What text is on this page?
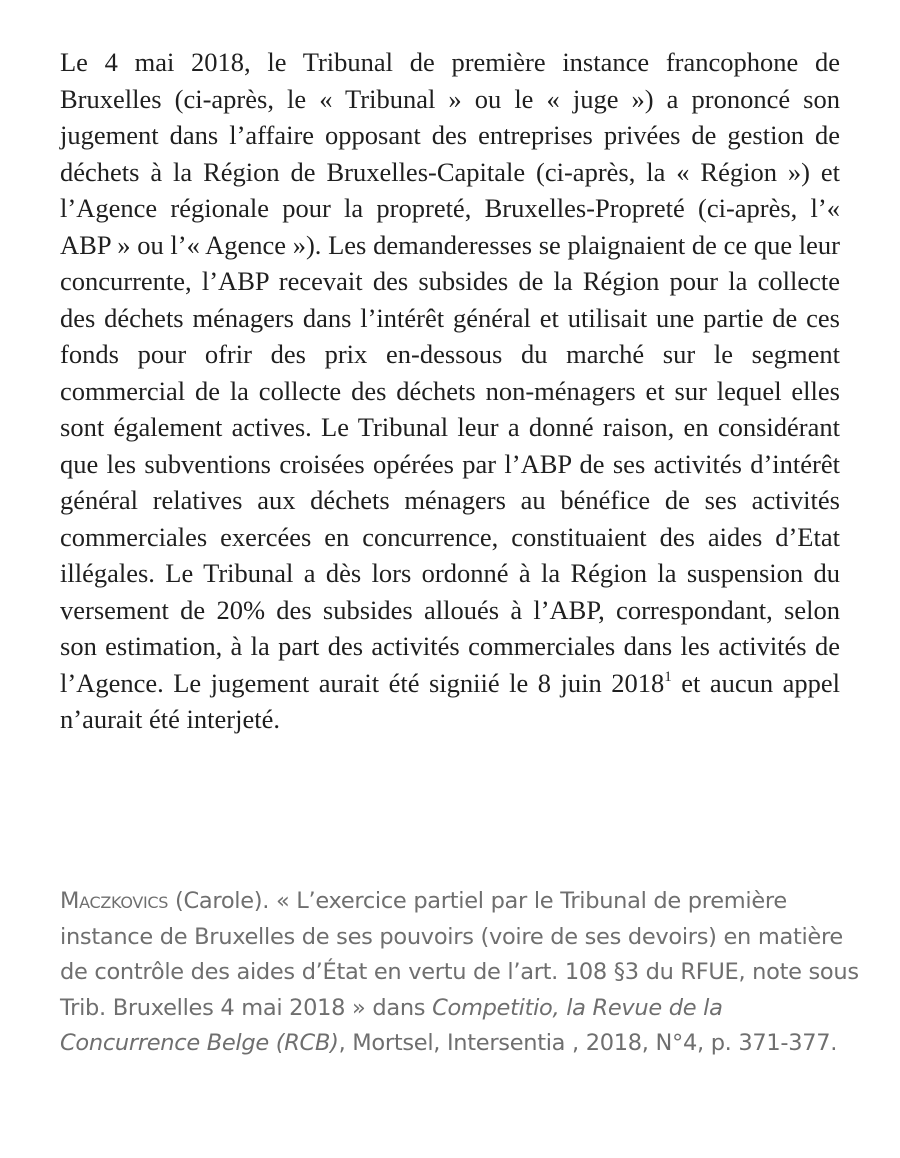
Le 4 mai 2018, le Tribunal de première instance francophone de Bruxelles (ci-après, le « Tribunal » ou le « juge ») a prononcé son jugement dans l’affaire opposant des entreprises privées de gestion de déchets à la Région de Bruxelles-Capitale (ci-après, la « Région ») et l’Agence régionale pour la propreté, Bruxelles-Propreté (ci-après, l’« ABP » ou l’« Agence »). Les demanderesses se plaignaient de ce que leur concurrente, l’ABP recevait des subsides de la Région pour la collecte des déchets ménagers dans l’intérêt général et utilisait une partie de ces fonds pour ofrir des prix en-dessous du marché sur le segment commercial de la collecte des déchets non-ménagers et sur lequel elles sont également actives. Le Tribunal leur a donné raison, en considérant que les subventions croisées opérées par l’ABP de ses activités d’intérêt général relatives aux déchets ménagers au bénéfice de ses activités commerciales exercées en concurrence, constituaient des aides d’Etat illégales. Le Tribunal a dès lors ordonné à la Région la suspension du versement de 20% des subsides alloués à l’ABP, correspondant, selon son estimation, à la part des activités commerciales dans les activités de l’Agence. Le jugement aurait été signiié le 8 juin 2018$^1$ et aucun appel n’aurait été interjeté.

Maczkovics (Carole). « L’exercice partiel par le Tribunal de première instance de Bruxelles de ses pouvoirs (voire de ses devoirs) en matière de contrôle des aides d’État en vertu de l’art. 108 §3 du RFUE, note sous Trib. Bruxelles 4 mai 2018 » dans Competitio, la Revue de la Concurrence Belge (RCB), Mortsel, Intersentia , 2018, N°4, p. 371-377.
